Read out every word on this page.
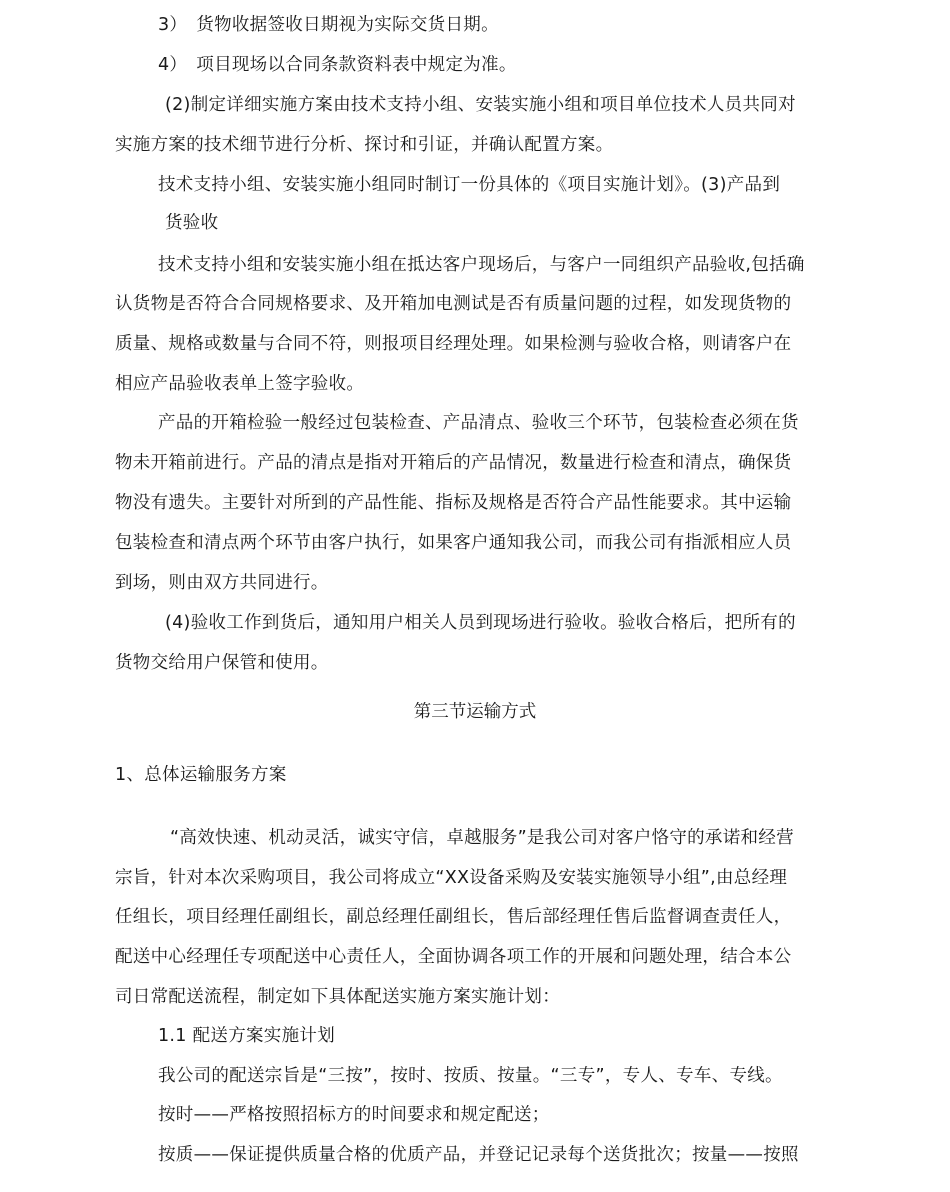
3）　货物收据签收日期视为实际交货日期。
4）　项目现场以合同条款资料表中规定为准。
(2)制定详细实施方案由技术支持小组、安装实施小组和项目单位技术人员共同对
实施方案的技术细节进行分析、探讨和引证，并确认配置方案。
技术支持小组、安装实施小组同时制订一份具体的《项目实施计划》。(3)产品到
货验收
技术支持小组和安装实施小组在抵达客户现场后，与客户一同组织产品验收,包括确
认货物是否符合合同规格要求、及开箱加电测试是否有质量问题的过程，如发现货物的
质量、规格或数量与合同不符，则报项目经理处理。如果检测与验收合格，则请客户在
相应产品验收表单上签字验收。
产品的开箱检验一般经过包装检查、产品清点、验收三个环节，包装检查必须在货
物未开箱前进行。产品的清点是指对开箱后的产品情况，数量进行检查和清点，确保货
物没有遗失。主要针对所到的产品性能、指标及规格是否符合产品性能要求。其中运输
包装检查和清点两个环节由客户执行，如果客户通知我公司，而我公司有指派相应人员
到场，则由双方共同进行。
(4)验收工作到货后，通知用户相关人员到现场进行验收。验收合格后，把所有的
货物交给用户保管和使用。
第三节运输方式
1、总体运输服务方案
“高效快速、机动灵活，诚实守信，卓越服务”是我公司对客户恪守的承诺和经营
宗旨，针对本次采购项目，我公司将成立“XX设备采购及安装实施领导小组”,由总经理
任组长，项目经理任副组长，副总经理任副组长，售后部经理任售后监督调查责任人，
配送中心经理任专项配送中心责任人，全面协调各项工作的开展和问题处理，结合本公
司日常配送流程，制定如下具体配送实施方案实施计划：
1.1 配送方案实施计划
我公司的配送宗旨是“三按”，按时、按质、按量。“三专”，专人、专车、专线。
按时——严格按照招标方的时间要求和规定配送；
按质——保证提供质量合格的优质产品，并登记记录每个送货批次；按量——按照
